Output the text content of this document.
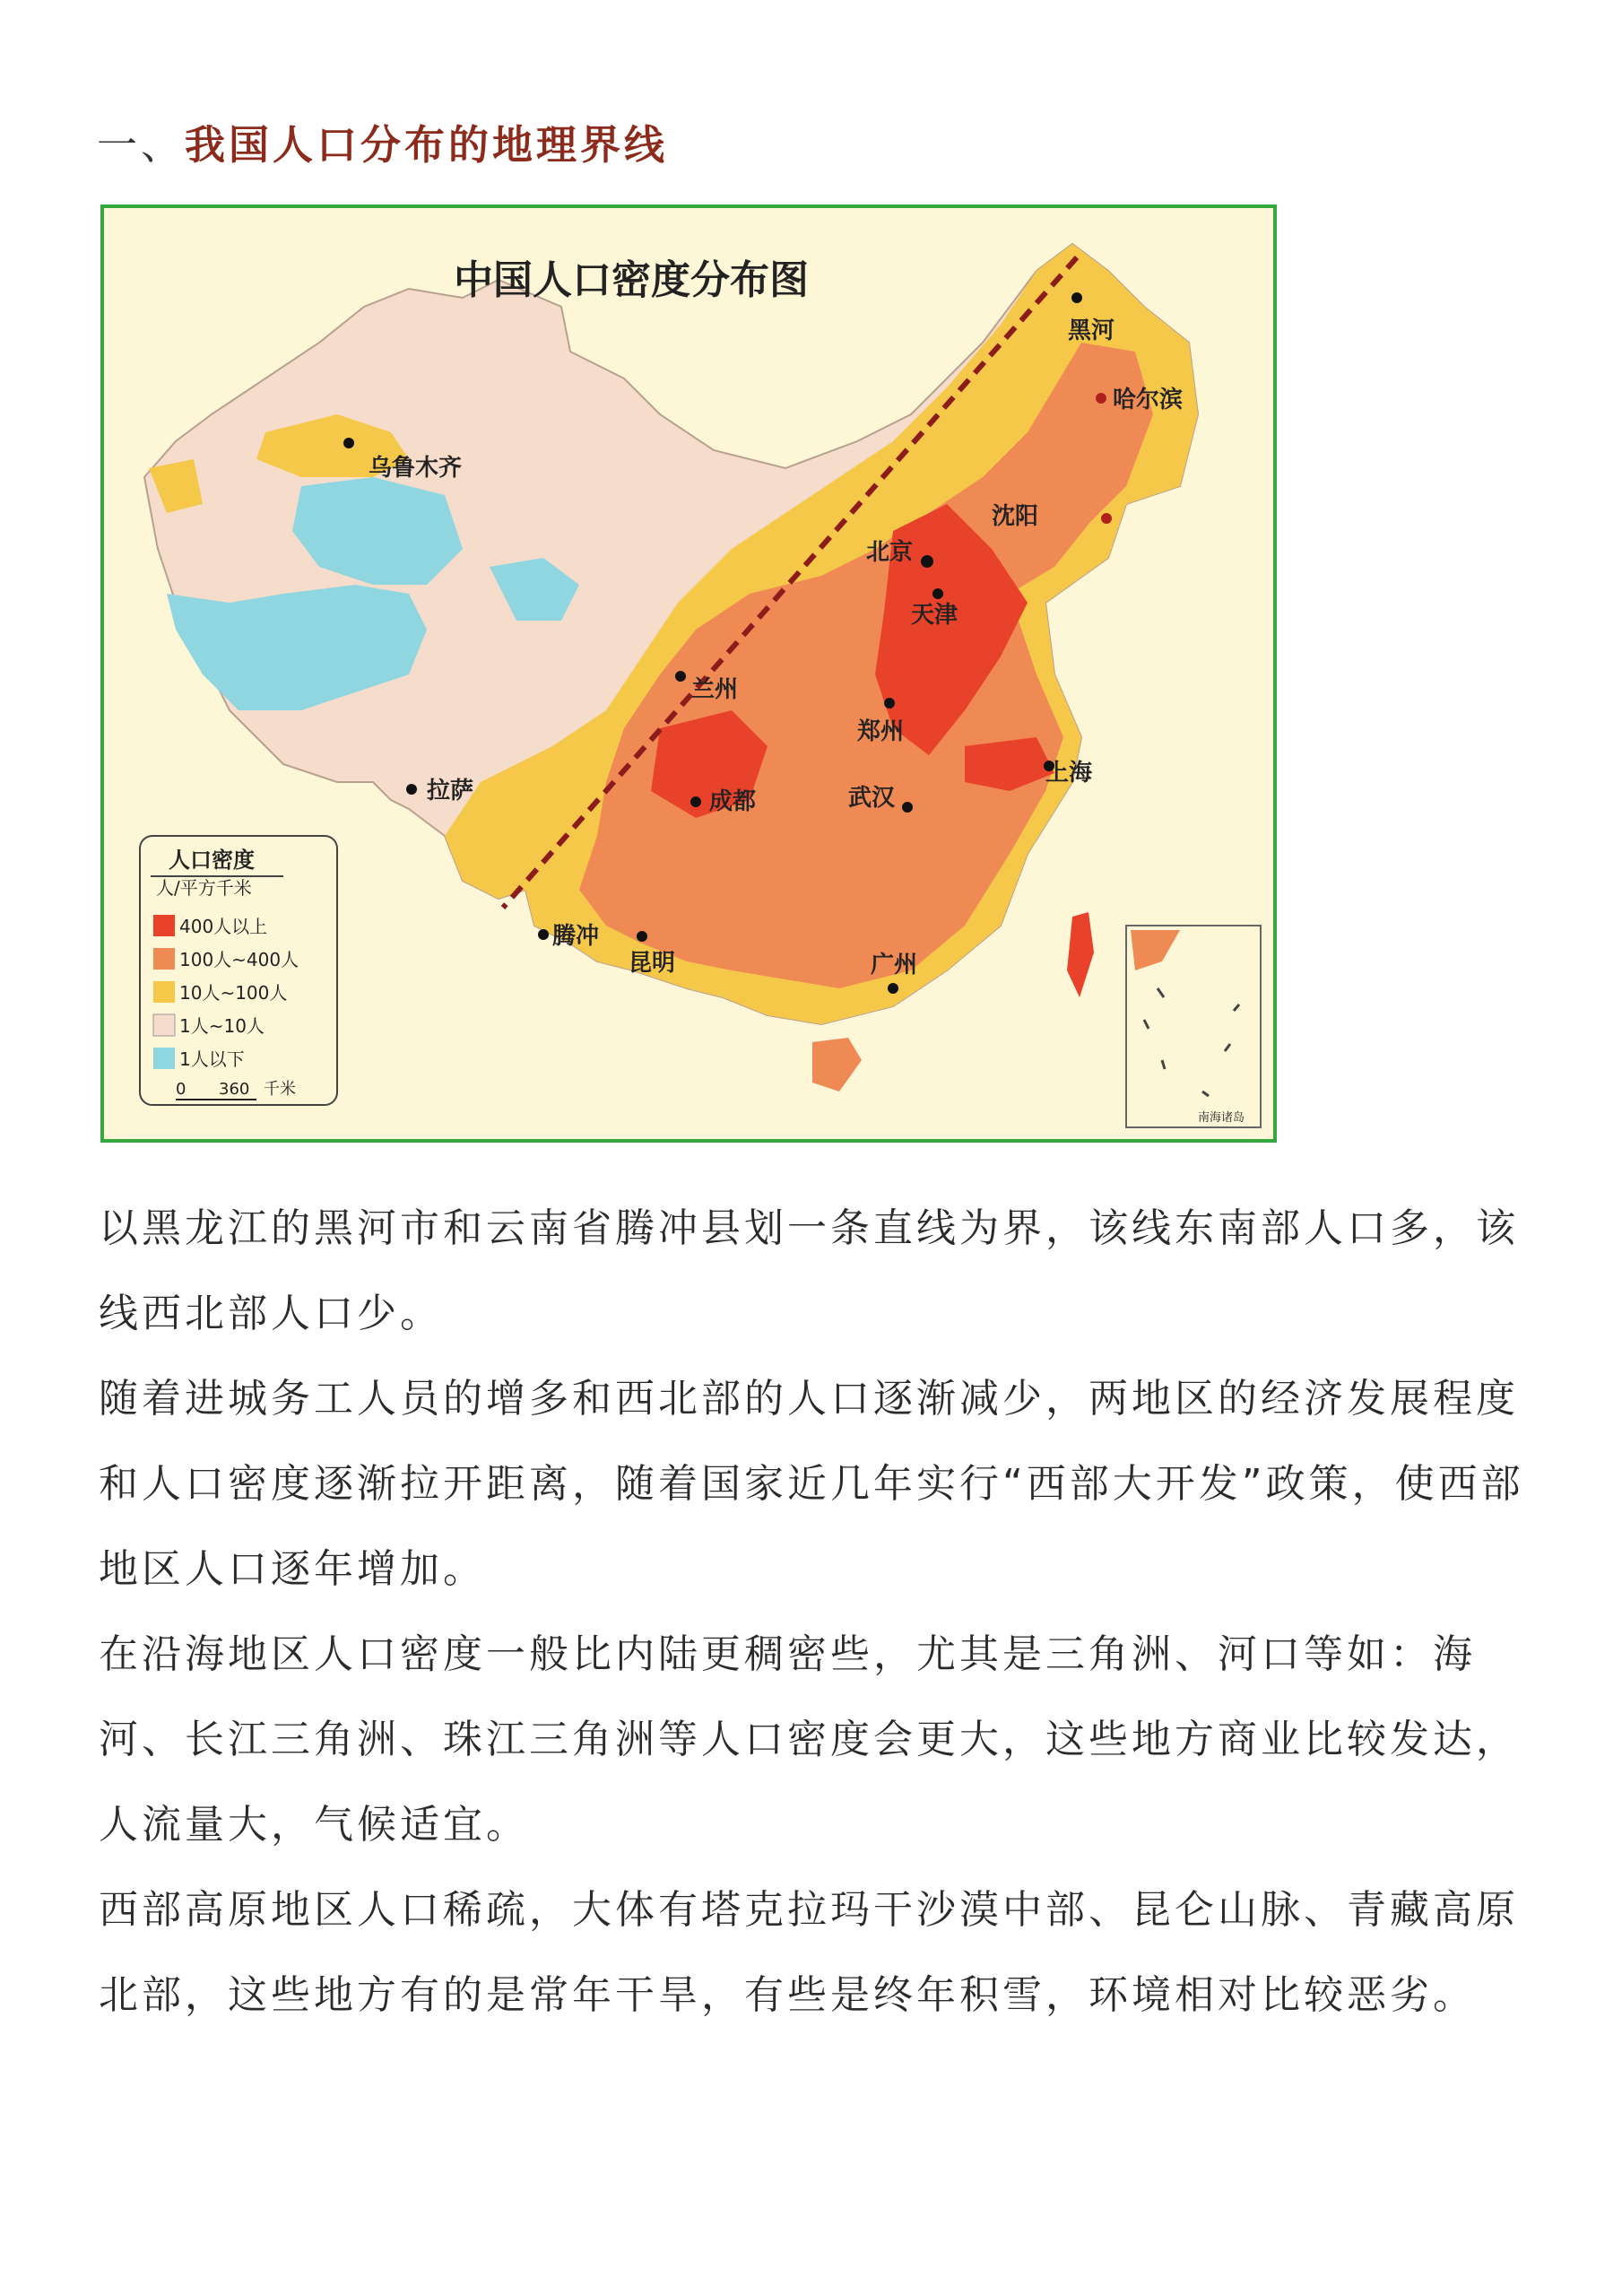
一、我国人口分布的地理界线
中国人口密度分布图
黑河
哈尔滨
沈阳
北京
天津
乌鲁木齐
兰州
郑州
上海
成都	武汉
拉萨
腾冲
昆明	广州
人口密度
人/平方千米
400人以上
100人~400人
10人~100人
1人~10人
1人以下
0 360 千米
南海诸岛

以黑龙江的黑河市和云南省腾冲县划一条直线为界，该线东南部人口多，该线西北部人口少。

随着进城务工人员的增多和西北部的人口逐渐减少，两地区的经济发展程度和人口密度逐渐拉开距离，随着国家近几年实行“西部大开发”政策，使西部地区人口逐年增加。

在沿海地区人口密度一般比内陆更稠密些，尤其是三角洲、河口等如：海河、长江三角洲、珠江三角洲等人口密度会更大，这些地方商业比较发达，人流量大，气候适宜。

西部高原地区人口稀疏，大体有塔克拉玛干沙漠中部、昆仑山脉、青藏高原北部，这些地方有的是常年干旱，有些是终年积雪，环境相对比较恶劣。
